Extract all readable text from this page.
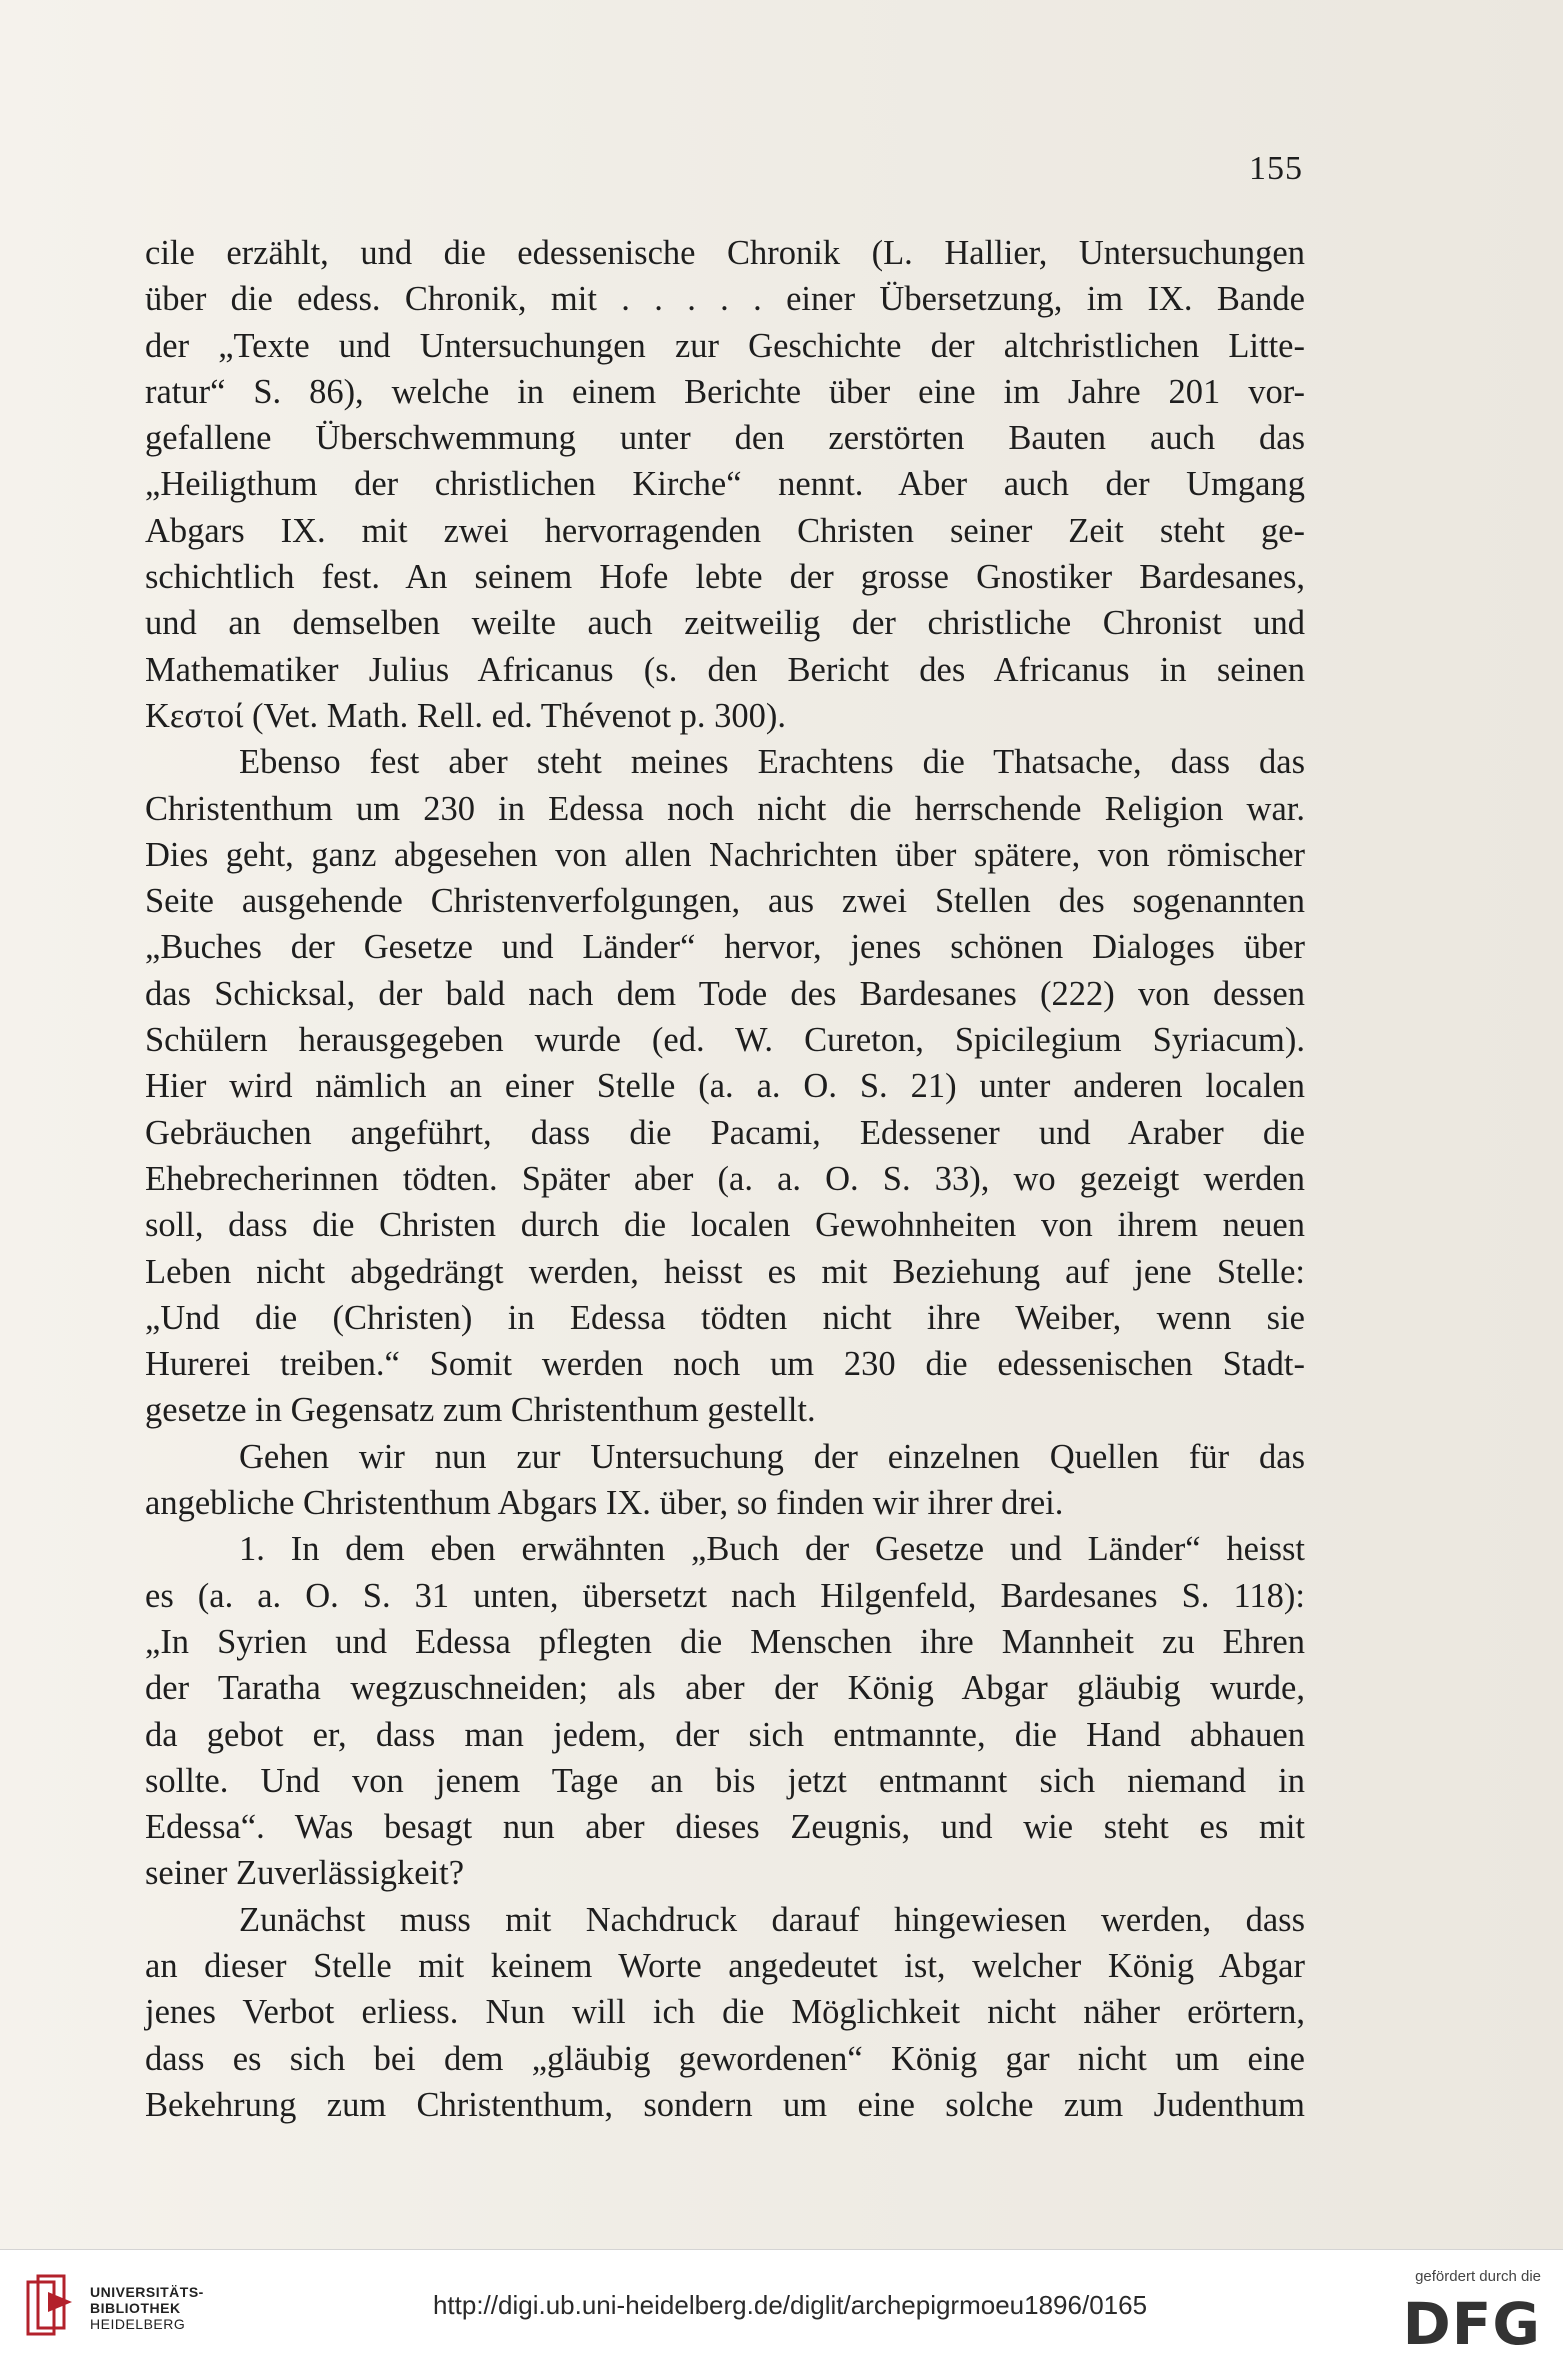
155
cile erzählt, und die edessenische Chronik (L. Hallier, Untersuchungen
über die edess. Chronik, mit . . . . . einer Übersetzung, im IX. Bande
der „Texte und Untersuchungen zur Geschichte der altchristlichen Litte-
ratur“ S. 86), welche in einem Berichte über eine im Jahre 201 vor-
gefallene Überschwemmung unter den zerstörten Bauten auch das
„Heiligthum der christlichen Kirche“ nennt. Aber auch der Umgang
Abgars IX. mit zwei hervorragenden Christen seiner Zeit steht ge-
schichtlich fest. An seinem Hofe lebte der grosse Gnostiker Bardesanes,
und an demselben weilte auch zeitweilig der christliche Chronist und
Mathematiker Julius Africanus (s. den Bericht des Africanus in seinen
Κεστοί (Vet. Math. Rell. ed. Thévenot p. 300).
Ebenso fest aber steht meines Erachtens die Thatsache, dass das
Christenthum um 230 in Edessa noch nicht die herrschende Religion war.
Dies geht, ganz abgesehen von allen Nachrichten über spätere, von römischer
Seite ausgehende Christenverfolgungen, aus zwei Stellen des sogenannten
„Buches der Gesetze und Länder“ hervor, jenes schönen Dialoges über
das Schicksal, der bald nach dem Tode des Bardesanes (222) von dessen
Schülern herausgegeben wurde (ed. W. Cureton, Spicilegium Syriacum).
Hier wird nämlich an einer Stelle (a. a. O. S. 21) unter anderen localen
Gebräuchen angeführt, dass die Pacami, Edessener und Araber die
Ehebrecherinnen tödten. Später aber (a. a. O. S. 33), wo gezeigt werden
soll, dass die Christen durch die localen Gewohnheiten von ihrem neuen
Leben nicht abgedrängt werden, heisst es mit Beziehung auf jene Stelle:
„Und die (Christen) in Edessa tödten nicht ihre Weiber, wenn sie
Hurerei treiben.“ Somit werden noch um 230 die edessenischen Stadt-
gesetze in Gegensatz zum Christenthum gestellt.
Gehen wir nun zur Untersuchung der einzelnen Quellen für das
angebliche Christenthum Abgars IX. über, so finden wir ihrer drei.
1. In dem eben erwähnten „Buch der Gesetze und Länder“ heisst
es (a. a. O. S. 31 unten, übersetzt nach Hilgenfeld, Bardesanes S. 118):
„In Syrien und Edessa pflegten die Menschen ihre Mannheit zu Ehren
der Taratha wegzuschneiden; als aber der König Abgar gläubig wurde,
da gebot er, dass man jedem, der sich entmannte, die Hand abhauen
sollte. Und von jenem Tage an bis jetzt entmannt sich niemand in
Edessa“. Was besagt nun aber dieses Zeugnis, und wie steht es mit
seiner Zuverlässigkeit?
Zunächst muss mit Nachdruck darauf hingewiesen werden, dass
an dieser Stelle mit keinem Worte angedeutet ist, welcher König Abgar
jenes Verbot erliess. Nun will ich die Möglichkeit nicht näher erörtern,
dass es sich bei dem „gläubig gewordenen“ König gar nicht um eine
Bekehrung zum Christenthum, sondern um eine solche zum Judenthum
UNIVERSITÄTS-
BIBLIOTHEK
HEIDELBERG
http://digi.ub.uni-heidelberg.de/diglit/archepigrmoeu1896/0165
gefördert durch die
DFG
